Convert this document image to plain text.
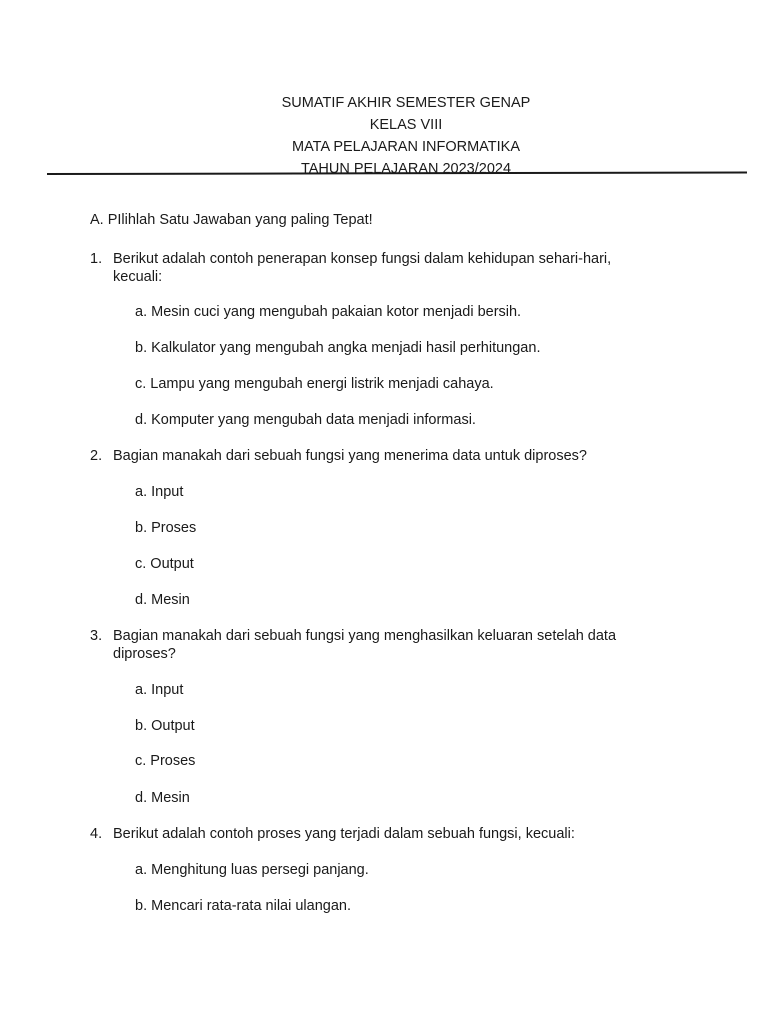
SUMATIF AKHIR SEMESTER GENAP
KELAS VIII
MATA PELAJARAN INFORMATIKA
TAHUN PELAJARAN 2023/2024
A. PIlihlah Satu Jawaban yang paling Tepat!
1. Berikut adalah contoh penerapan konsep fungsi dalam kehidupan sehari-hari, kecuali:
a. Mesin cuci yang mengubah pakaian kotor menjadi bersih.
b. Kalkulator yang mengubah angka menjadi hasil perhitungan.
c. Lampu yang mengubah energi listrik menjadi cahaya.
d. Komputer yang mengubah data menjadi informasi.
2. Bagian manakah dari sebuah fungsi yang menerima data untuk diproses?
a. Input
b. Proses
c. Output
d. Mesin
3. Bagian manakah dari sebuah fungsi yang menghasilkan keluaran setelah data diproses?
a. Input
b. Output
c. Proses
d. Mesin
4. Berikut adalah contoh proses yang terjadi dalam sebuah fungsi, kecuali:
a. Menghitung luas persegi panjang.
b. Mencari rata-rata nilai ulangan.
